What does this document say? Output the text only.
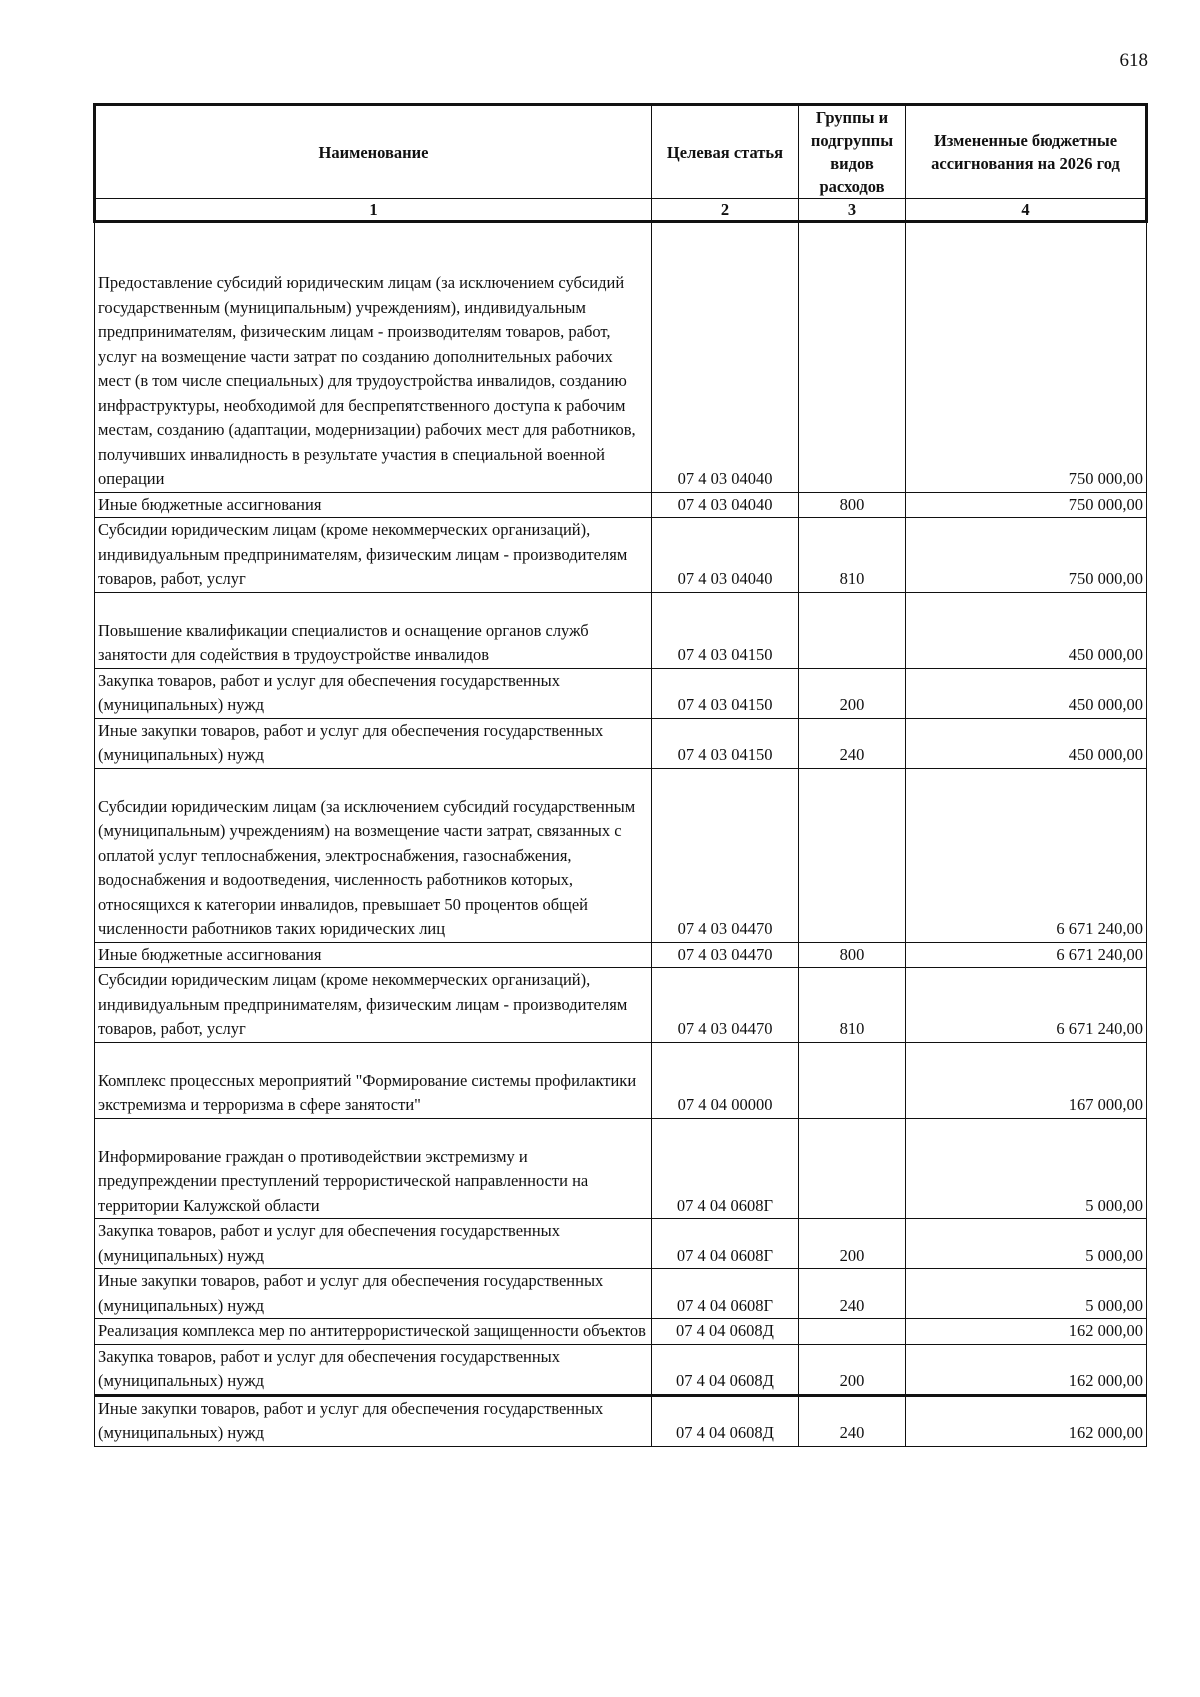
618
Наименование	Целевая статья	Группы и подгруппы видов расходов	Измененные бюджетные ассигнования на 2026 год
1	2	3	4
Предоставление субсидий юридическим лицам (за исключением субсидий государственным (муниципальным) учреждениям), индивидуальным предпринимателям, физическим лицам - производителям товаров, работ, услуг на возмещение части затрат по созданию дополнительных рабочих мест (в том числе специальных) для трудоустройства инвалидов, созданию инфраструктуры, необходимой для беспрепятственного доступа к рабочим местам, созданию (адаптации, модернизации) рабочих мест для работников, получивших инвалидность в результате участия в специальной военной операции	07 4 03 04040		750 000,00
Иные бюджетные ассигнования	07 4 03 04040	800	750 000,00
Субсидии юридическим лицам (кроме некоммерческих организаций), индивидуальным предпринимателям, физическим лицам - производителям товаров, работ, услуг	07 4 03 04040	810	750 000,00
Повышение квалификации специалистов и оснащение органов служб занятости для содействия в трудоустройстве инвалидов	07 4 03 04150		450 000,00
Закупка товаров, работ и услуг для обеспечения государственных (муниципальных) нужд	07 4 03 04150	200	450 000,00
Иные закупки товаров, работ и услуг для обеспечения государственных (муниципальных) нужд	07 4 03 04150	240	450 000,00
Субсидии юридическим лицам (за исключением субсидий государственным (муниципальным) учреждениям) на возмещение части затрат, связанных с оплатой услуг теплоснабжения, электроснабжения, газоснабжения, водоснабжения и водоотведения, численность работников которых, относящихся к категории инвалидов, превышает 50 процентов общей численности работников таких юридических лиц	07 4 03 04470		6 671 240,00
Иные бюджетные ассигнования	07 4 03 04470	800	6 671 240,00
Субсидии юридическим лицам (кроме некоммерческих организаций), индивидуальным предпринимателям, физическим лицам - производителям товаров, работ, услуг	07 4 03 04470	810	6 671 240,00
Комплекс процессных мероприятий "Формирование системы профилактики экстремизма и терроризма в сфере занятости"	07 4 04 00000		167 000,00
Информирование граждан о противодействии экстремизму и предупреждении преступлений террористической направленности на территории Калужской области	07 4 04 0608Г		5 000,00
Закупка товаров, работ и услуг для обеспечения государственных (муниципальных) нужд	07 4 04 0608Г	200	5 000,00
Иные закупки товаров, работ и услуг для обеспечения государственных (муниципальных) нужд	07 4 04 0608Г	240	5 000,00
Реализация комплекса мер по антитеррористической защищенности объектов	07 4 04 0608Д		162 000,00
Закупка товаров, работ и услуг для обеспечения государственных (муниципальных) нужд	07 4 04 0608Д	200	162 000,00
Иные закупки товаров, работ и услуг для обеспечения государственных (муниципальных) нужд	07 4 04 0608Д	240	162 000,00
